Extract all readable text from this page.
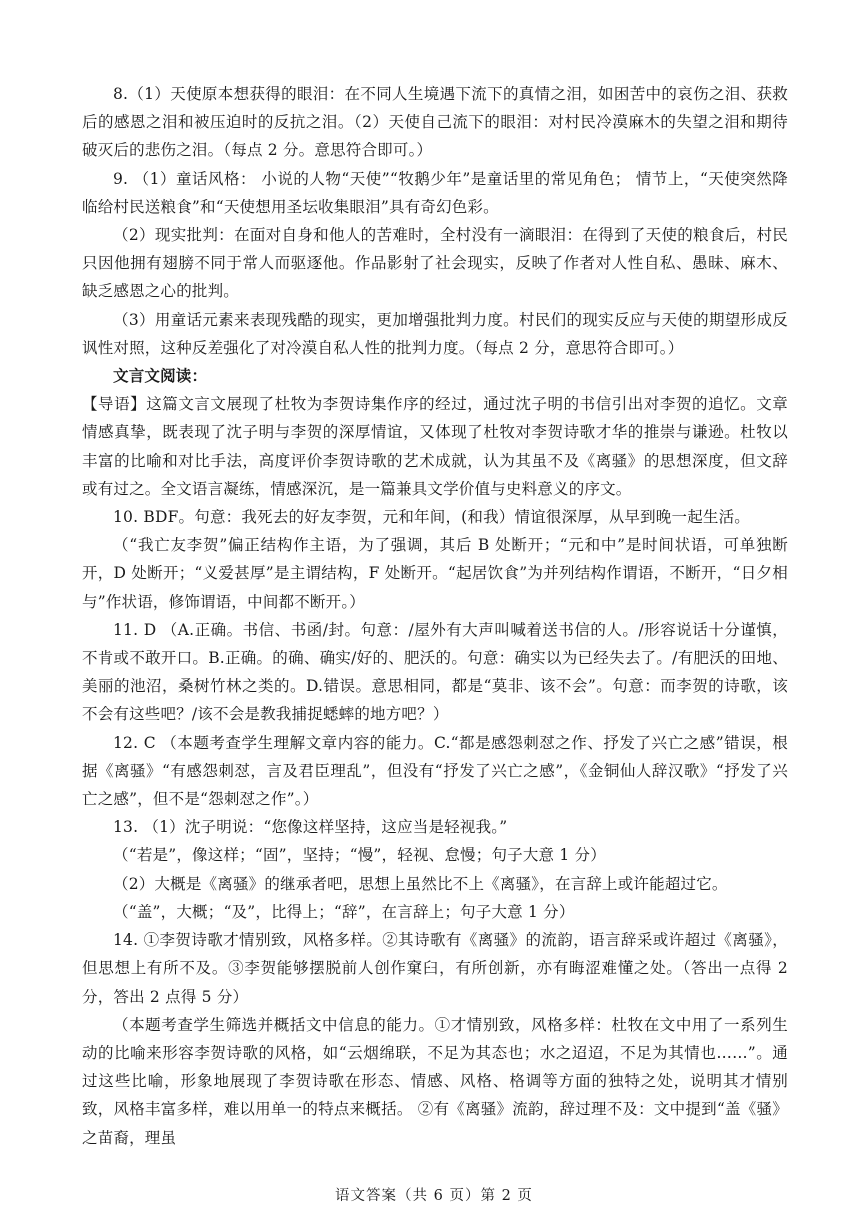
8.（1）天使原本想获得的眼泪：在不同人生境遇下流下的真情之泪，如困苦中的哀伤之泪、获救后的感恩之泪和被压迫时的反抗之泪。（2）天使自己流下的眼泪：对村民冷漠麻木的失望之泪和期待破灭后的悲伤之泪。（每点 2 分。意思符合即可。）

9. （1）童话风格： 小说的人物“天使”“牧鹅少年”是童话里的常见角色； 情节上，“天使突然降临给村民送粮食”和“天使想用圣坛收集眼泪”具有奇幻色彩。

（2）现实批判：在面对自身和他人的苦难时，全村没有一滴眼泪：在得到了天使的粮食后，村民只因他拥有翅膀不同于常人而驱逐他。作品影射了社会现实，反映了作者对人性自私、愚昧、麻木、缺乏感恩之心的批判。

（3）用童话元素来表现残酷的现实，更加增强批判力度。村民们的现实反应与天使的期望形成反讽性对照，这种反差强化了对冷漠自私人性的批判力度。（每点 2 分，意思符合即可。）

文言文阅读：

【导语】这篇文言文展现了杜牧为李贺诗集作序的经过，通过沈子明的书信引出对李贺的追忆。文章情感真挚，既表现了沈子明与李贺的深厚情谊，又体现了杜牧对李贺诗歌才华的推崇与谦逊。杜牧以丰富的比喻和对比手法，高度评价李贺诗歌的艺术成就，认为其虽不及《离骚》的思想深度，但文辞或有过之。全文语言凝练，情感深沉，是一篇兼具文学价值与史料意义的序文。

10. BDF。句意：我死去的好友李贺，元和年间，(和我）情谊很深厚，从早到晚一起生活。

（“我亡友李贺”偏正结构作主语，为了强调，其后 B 处断开；“元和中”是时间状语，可单独断开，D 处断开；“义爱甚厚”是主谓结构，F 处断开。“起居饮食”为并列结构作谓语，不断开，“日夕相与”作状语，修饰谓语，中间都不断开。）

11. D （A.正确。书信、书函/封。句意：/屋外有大声叫喊着送书信的人。/形容说话十分谨慎，不肯或不敢开口。B.正确。的确、确实/好的、肥沃的。句意：确实以为已经失去了。/有肥沃的田地、美丽的池沼，桑树竹林之类的。D.错误。意思相同，都是“莫非、该不会”。句意：而李贺的诗歌，该不会有这些吧？/该不会是教我捕捉蟋蟀的地方吧？）

12. C （本题考查学生理解文章内容的能力。C.“都是感怨刺怼之作、抒发了兴亡之感”错误，根据《离骚》“有感怨刺怼，言及君臣理乱”，但没有“抒发了兴亡之感”，《金铜仙人辞汉歌》“抒发了兴亡之感”，但不是“怨刺怼之作”。）

13. （1）沈子明说：“您像这样坚持，这应当是轻视我。”

（“若是”，像这样；“固”，坚持；“慢”，轻视、怠慢；句子大意 1 分）

（2）大概是《离骚》的继承者吧，思想上虽然比不上《离骚》，在言辞上或许能超过它。

（“盖”，大概；“及”，比得上；“辞”，在言辞上；句子大意 1 分）

14. ①李贺诗歌才情别致，风格多样。②其诗歌有《离骚》的流韵，语言辞采或许超过《离骚》，但思想上有所不及。③李贺能够摆脱前人创作窠臼，有所创新，亦有晦涩难懂之处。（答出一点得 2 分，答出 2 点得 5 分）

（本题考查学生筛选并概括文中信息的能力。①才情别致，风格多样：杜牧在文中用了一系列生动的比喻来形容李贺诗歌的风格，如“云烟绵联，不足为其态也；水之迢迢，不足为其情也……”。通过这些比喻，形象地展现了李贺诗歌在形态、情感、风格、格调等方面的独特之处，说明其才情别致，风格丰富多样，难以用单一的特点来概括。 ②有《离骚》流韵，辞过理不及：文中提到“盖《骚》之苗裔，理虽

语文答案（共 6 页）第 2 页
